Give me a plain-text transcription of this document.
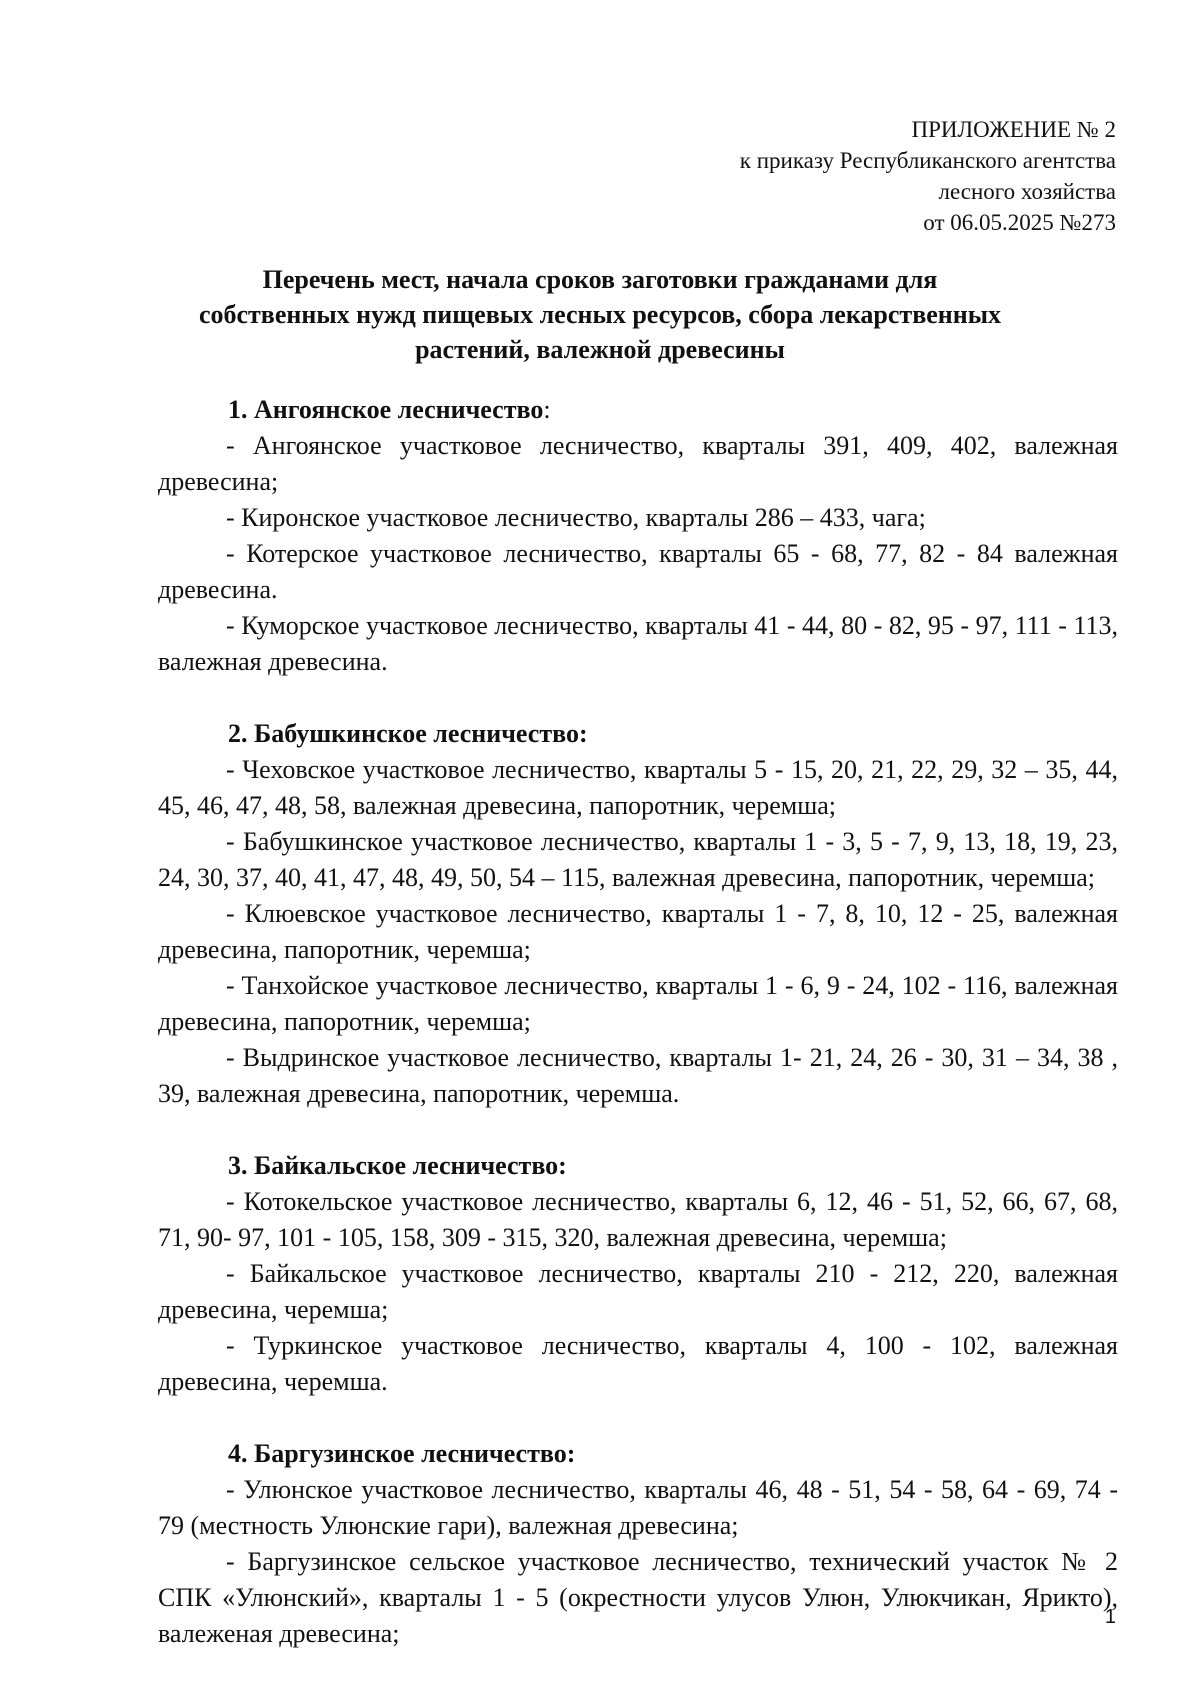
ПРИЛОЖЕНИЕ № 2
к приказу Республиканского агентства
лесного хозяйства
от 06.05.2025 №273
Перечень мест, начала сроков заготовки гражданами для
собственных нужд пищевых лесных ресурсов, сбора лекарственных
растений, валежной древесины
1. Ангоянское лесничество:
- Ангоянское участковое лесничество, кварталы 391, 409, 402, валежная древесина;
- Киронское участковое лесничество, кварталы 286 – 433, чага;
- Котерское участковое лесничество, кварталы 65 - 68, 77, 82 - 84 валежная древесина.
- Куморское участковое лесничество, кварталы 41 - 44, 80 - 82, 95 - 97, 111 - 113, валежная древесина.
2. Бабушкинское лесничество:
- Чеховское участковое лесничество, кварталы 5 - 15, 20, 21, 22, 29, 32 – 35, 44, 45, 46, 47, 48, 58, валежная древесина, папоротник, черемша;
- Бабушкинское участковое лесничество, кварталы 1 - 3, 5 - 7, 9, 13, 18, 19, 23, 24, 30, 37, 40, 41, 47, 48, 49, 50, 54 – 115, валежная древесина, папоротник, черемша;
- Клюевское участковое лесничество, кварталы 1 - 7, 8, 10, 12 - 25, валежная древесина, папоротник, черемша;
- Танхойское участковое лесничество, кварталы 1 - 6, 9 - 24, 102 - 116, валежная древесина, папоротник, черемша;
- Выдринское участковое лесничество, кварталы 1- 21, 24, 26 - 30, 31 – 34, 38 , 39, валежная древесина, папоротник, черемша.
3. Байкальское лесничество:
- Котокельское участковое лесничество, кварталы 6, 12, 46 - 51, 52, 66, 67, 68, 71, 90- 97, 101 - 105, 158, 309 - 315, 320, валежная древесина, черемша;
- Байкальское участковое лесничество, кварталы 210 - 212, 220, валежная древесина, черемша;
- Туркинское участковое лесничество, кварталы 4, 100 - 102, валежная древесина, черемша.
4. Баргузинское лесничество:
- Улюнское участковое лесничество, кварталы 46, 48 - 51, 54 - 58, 64 - 69, 74 - 79 (местность Улюнские гари), валежная древесина;
- Баргузинское сельское участковое лесничество, технический участок № 2 СПК «Улюнский», кварталы 1 - 5 (окрестности улусов Улюн, Улюкчикан, Ярикто), валеженая древесина;
1
